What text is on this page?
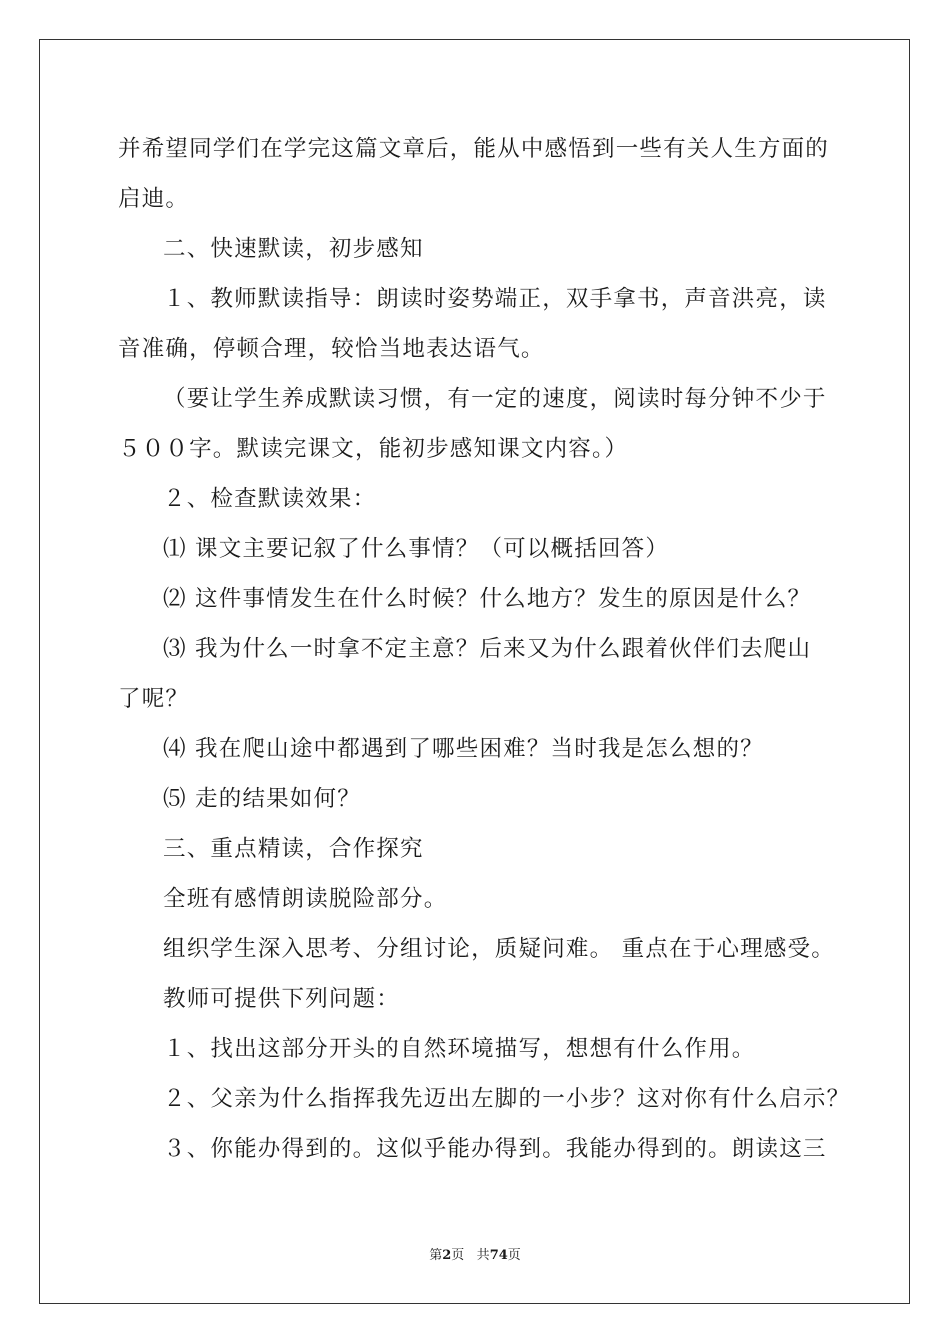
并希望同学们在学完这篇文章后，能从中感悟到一些有关人生方面的
启迪。
二、快速默读，初步感知
１、教师默读指导：朗读时姿势端正，双手拿书，声音洪亮，读
音准确，停顿合理，较恰当地表达语气。
（要让学生养成默读习惯，有一定的速度，阅读时每分钟不少于
５００字。默读完课文，能初步感知课文内容。）
２、检查默读效果：
⑴ 课文主要记叙了什么事情？（可以概括回答）
⑵ 这件事情发生在什么时候？什么地方？发生的原因是什么？
⑶ 我为什么一时拿不定主意？后来又为什么跟着伙伴们去爬山
了呢？
⑷ 我在爬山途中都遇到了哪些困难？当时我是怎么想的？
⑸ 走的结果如何？
三、重点精读，合作探究
全班有感情朗读脱险部分。
组织学生深入思考、分组讨论，质疑问难。 重点在于心理感受。
教师可提供下列问题：
１、找出这部分开头的自然环境描写，想想有什么作用。
２、父亲为什么指挥我先迈出左脚的一小步？这对你有什么启示？
３、你能办得到的。这似乎能办得到。我能办得到的。朗读这三
第2页 共74页
